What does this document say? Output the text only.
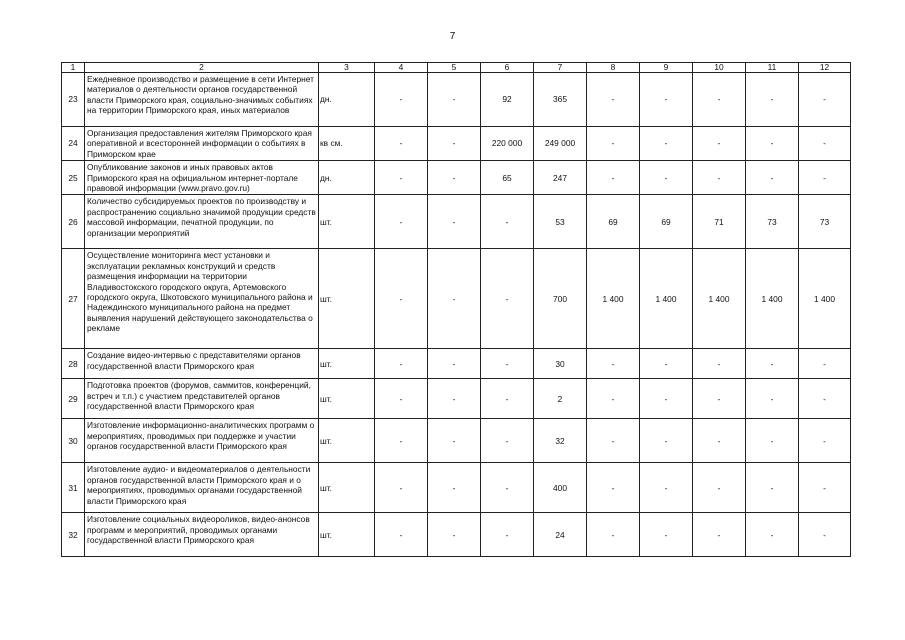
7
1	2	3	4	5	6	7	8	9	10	11	12
23	Ежедневное производство и размещение в сети Интернет материалов о деятельности органов государственной власти Приморского края, социально-значимых событиях на территории Приморского края, иных материалов	дн.	-	-	92	365	-	-	-	-	-
24	Организация предоставления жителям Приморского края оперативной и всесторонней информации о событиях в Приморском крае	кв см.	-	-	220 000	249 000	-	-	-	-	-
25	Опубликование законов и иных правовых актов Приморского края на официальном интернет-портале правовой информации (www.pravo.gov.ru)	дн.	-	-	65	247	-	-	-	-	-
26	Количество субсидируемых проектов по производству и распространению социально значимой продукции средств массовой информации, печатной продукции, по организации мероприятий	шт.	-	-	-	53	69	69	71	73	73
27	Осуществление мониторинга мест установки и эксплуатации рекламных конструкций и средств размещения информации на территории Владивостокского городского округа, Артемовского городского округа, Шкотовского муниципального района и Надеждинского муниципального района на предмет выявления нарушений действующего законодательства о рекламе	шт.	-	-	-	700	1 400	1 400	1 400	1 400	1 400
28	Создание видео-интервью с представителями органов государственной власти Приморского края	шт.	-	-	-	30	-	-	-	-	-
29	Подготовка проектов (форумов, саммитов, конференций, встреч и т.п.) с участием представителей органов государственной власти Приморского края	шт.	-	-	-	2	-	-	-	-	-
30	Изготовление информационно-аналитических программ о мероприятиях, проводимых при поддержке и участии органов государственной власти Приморского края	шт.	-	-	-	32	-	-	-	-	-
31	Изготовление аудио- и видеоматериалов о деятельности органов государственной власти Приморского края и о мероприятиях, проводимых органами государственной власти Приморского края	шт.	-	-	-	400	-	-	-	-	-
32	Изготовление социальных видеороликов, видео-анонсов программ и мероприятий, проводимых органами государственной власти Приморского края	шт.	-	-	-	24	-	-	-	-	-
